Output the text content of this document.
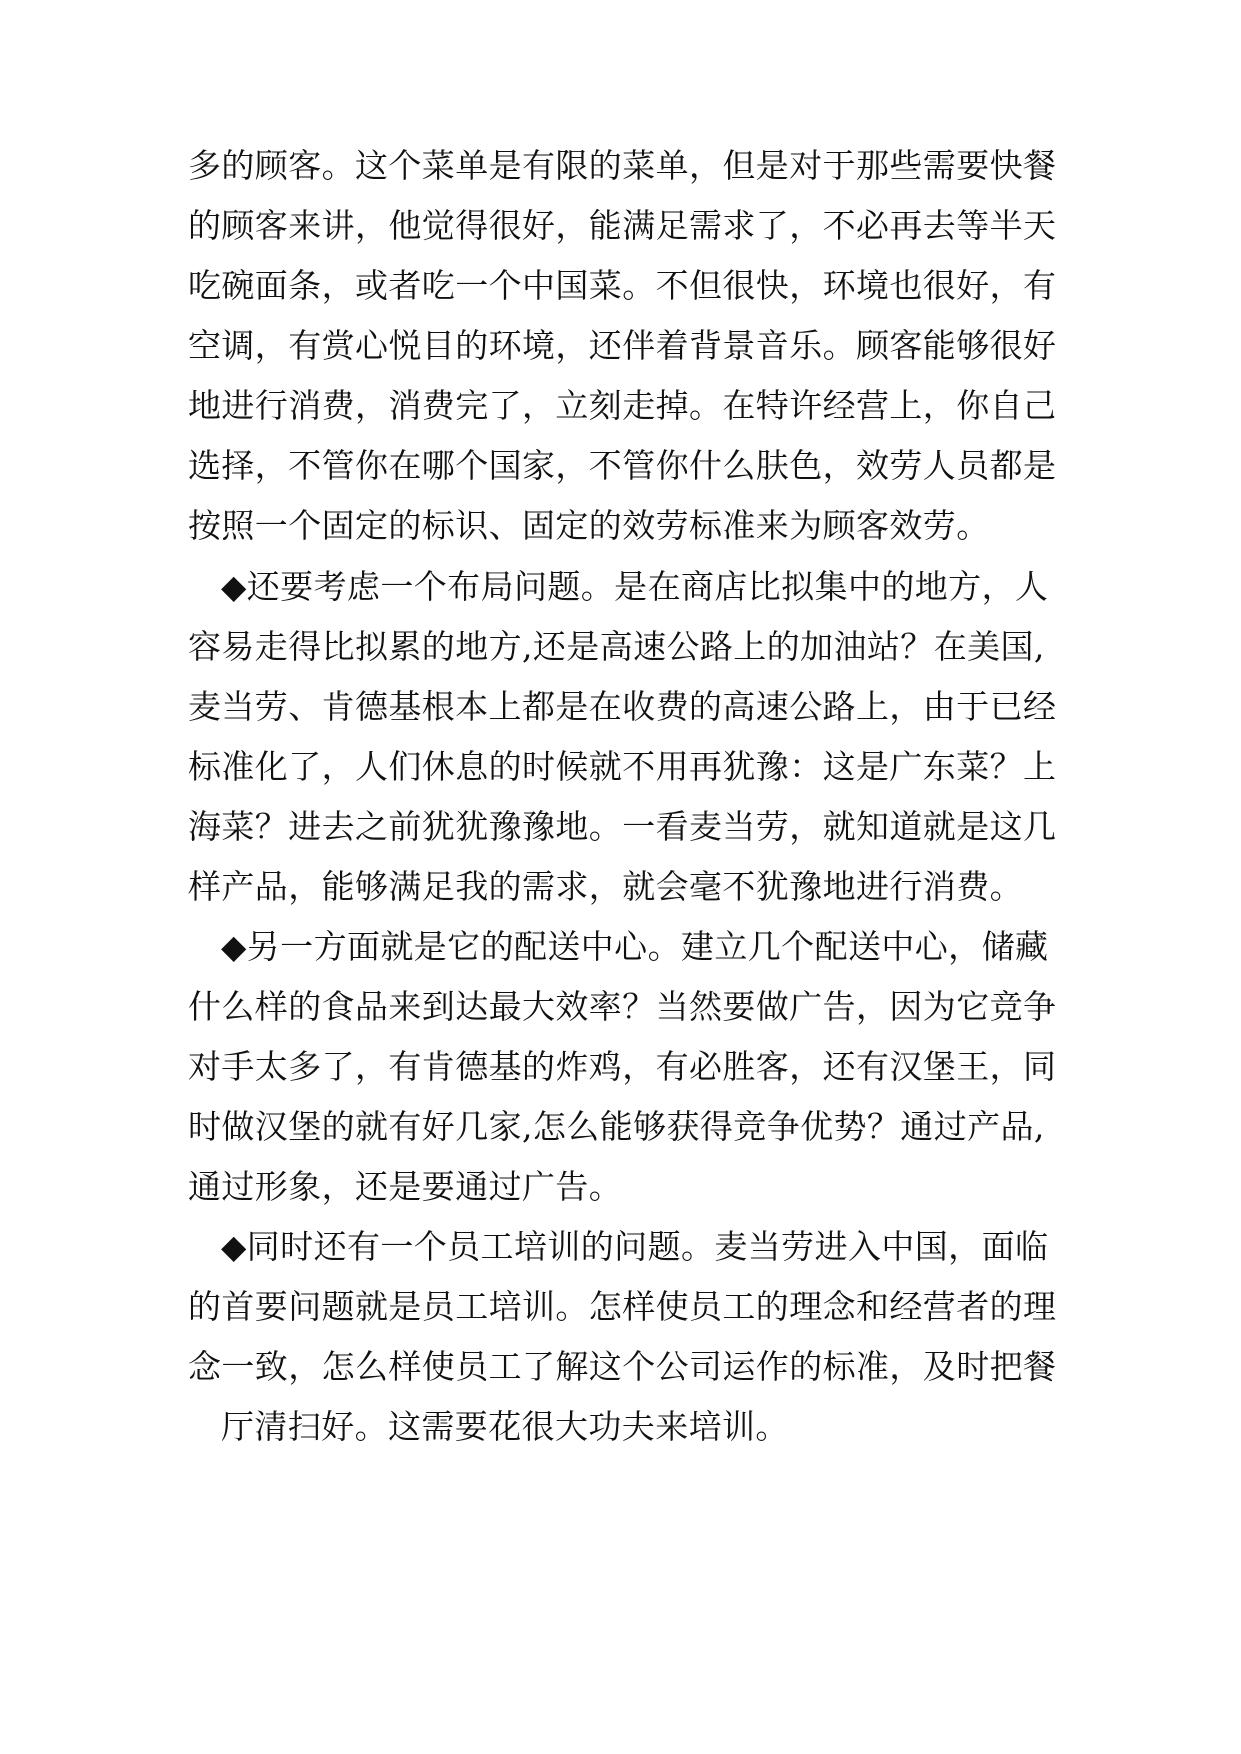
多的顾客。这个菜单是有限的菜单，但是对于那些需要快餐
的顾客来讲，他觉得很好，能满足需求了，不必再去等半天
吃碗面条，或者吃一个中国菜。不但很快，环境也很好，有
空调，有赏心悦目的环境，还伴着背景音乐。顾客能够很好
地进行消费，消费完了，立刻走掉。在特许经营上，你自己
选择，不管你在哪个国家，不管你什么肤色，效劳人员都是
按照一个固定的标识、固定的效劳标准来为顾客效劳。
◆还要考虑一个布局问题。是在商店比拟集中的地方，人
容易走得比拟累的地方,还是高速公路上的加油站？在美国,
麦当劳、肯德基根本上都是在收费的高速公路上，由于已经
标准化了，人们休息的时候就不用再犹豫：这是广东菜？上
海菜？进去之前犹犹豫豫地。一看麦当劳，就知道就是这几
样产品，能够满足我的需求，就会毫不犹豫地进行消费。
◆另一方面就是它的配送中心。建立几个配送中心，储藏
什么样的食品来到达最大效率？当然要做广告，因为它竞争
对手太多了，有肯德基的炸鸡，有必胜客，还有汉堡王，同
时做汉堡的就有好几家,怎么能够获得竞争优势？通过产品,
通过形象，还是要通过广告。
◆同时还有一个员工培训的问题。麦当劳进入中国，面临
的首要问题就是员工培训。怎样使员工的理念和经营者的理
念一致，怎么样使员工了解这个公司运作的标准，及时把餐
厅清扫好。这需要花很大功夫来培训。
